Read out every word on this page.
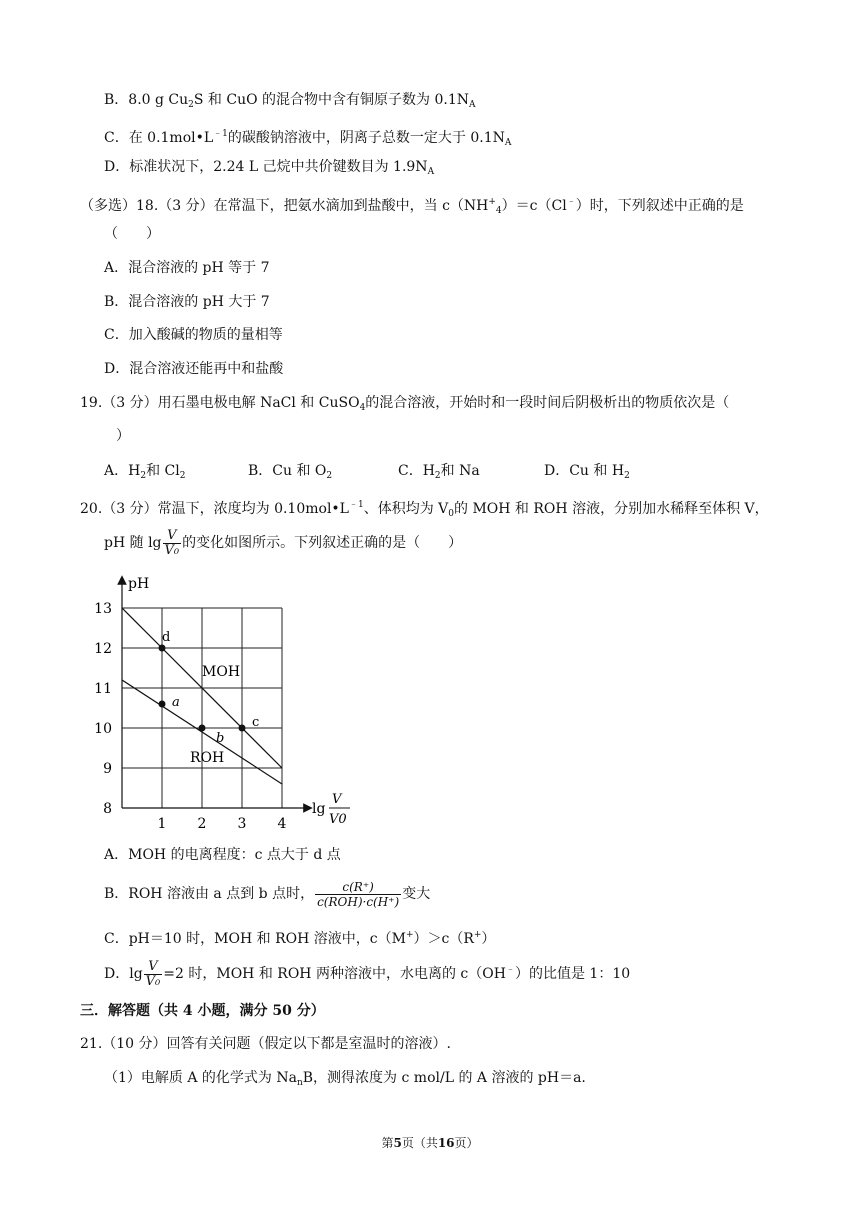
B．8.0 g $Cu_2S$ 和 CuO 的混合物中含有铜原子数为 $0.1N_A$
C．在 $0.1mol•L^{﹣1}$的碳酸钠溶液中，阴离子总数一定大于 $0.1N_A$
D．标准状况下，2.24 L 己烷中共价键数目为 $1.9N_A$
（多选）18.（3 分）在常温下，把氨水滴加到盐酸中，当 $c(NH^+_4)=c(Cl^﹣)$时，下列叙述中正确的是
（　　）
A．混合溶液的 pH 等于 7
B．混合溶液的 pH 大于 7
C．加入酸碱的物质的量相等
D．混合溶液还能再中和盐酸
19.（3 分）用石墨电极电解 NaCl 和 CuSO$_4$的混合溶液，开始时和一段时间后阴极析出的物质依次是（
）
A．$H_2$和 $Cl_2$	B．Cu 和 $O_2$	C．$H_2$和 Na	D．Cu 和 $H_2$
20.（3 分）常温下，浓度均为 $0.10mol•L^{﹣1}$、体积均为 $V_0$的 MOH 和 ROH 溶液，分别加水稀释至体积 V，
pH 随 $\lg \frac{V}{\text{V₀}}$ 的变化如图所示。下列叙述正确的是（　　）
pH
lg
V
V0
8
9
10
11
12
13
1 2 3 4
MOH
ROH
d
a
b
c
A．MOH 的电离程度：c 点大于 d 点
B．ROH 溶液由 a 点到 b 点时， $\frac{c(R^+)}{\text{c(ROH)·c(H⁺)}}$ 变大
C．pH＝10 时，MOH 和 ROH 溶液中，c（M+）＞c（R+）
D．$\lg \frac{V}{\text{V₀}} =2$ 时，MOH 和 ROH 两种溶液中，水电离的 c（OH﹣）的比值是 1：10
三．解答题（共 4 小题，满分 50 分）
21.（10 分）回答有关问题（假定以下都是室温时的溶液）.
（1）电解质 A 的化学式为 $Na_nB$，测得浓度为 c mol/L 的 A 溶液的 pH＝a.
第5页（共16页）
